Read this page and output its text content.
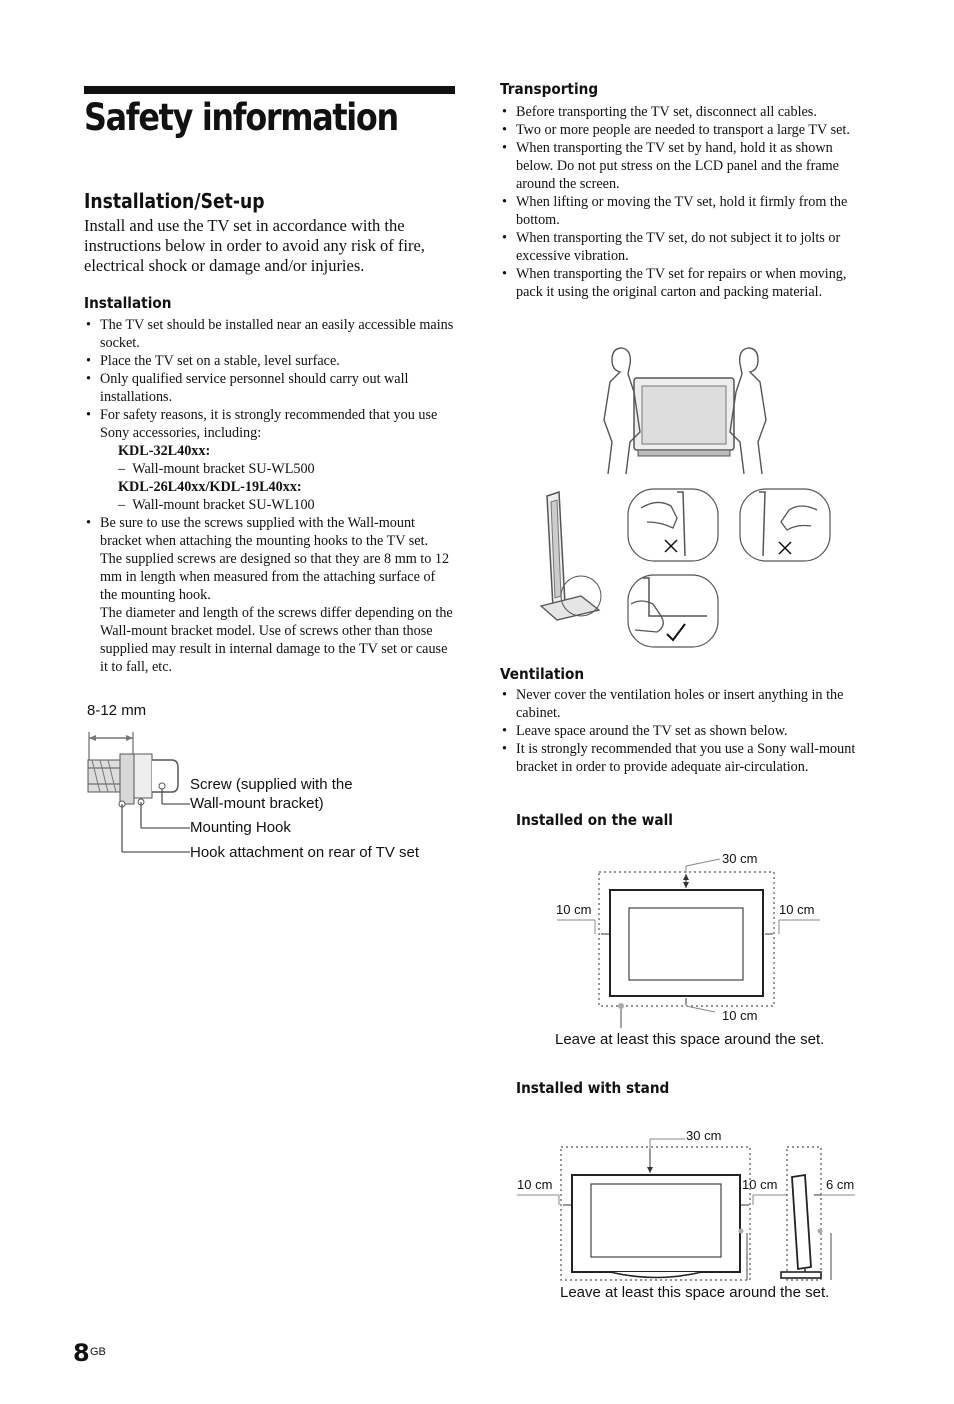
Safety information
Installation/Set-up
Install and use the TV set in accordance with the instructions below in order to avoid any risk of fire, electrical shock or damage and/or injuries.
Installation
• The TV set should be installed near an easily accessible mains socket.
• Place the TV set on a stable, level surface.
• Only qualified service personnel should carry out wall installations.
• For safety reasons, it is strongly recommended that you use Sony accessories, including:
KDL-32L40xx:
–  Wall-mount bracket SU-WL500
KDL-26L40xx/KDL-19L40xx:
–  Wall-mount bracket SU-WL100
• Be sure to use the screws supplied with the Wall-mount bracket when attaching the mounting hooks to the TV set.
The supplied screws are designed so that they are 8 mm to 12 mm in length when measured from the attaching surface of the mounting hook.
The diameter and length of the screws differ depending on the Wall-mount bracket model. Use of screws other than those supplied may result in internal damage to the TV set or cause it to fall, etc.
8-12 mm
Screw (supplied with the
Wall-mount bracket)
Mounting Hook
Hook attachment on rear of TV set
Transporting
• Before transporting the TV set, disconnect all cables.
• Two or more people are needed to transport a large TV set.
• When transporting the TV set by hand, hold it as shown below. Do not put stress on the LCD panel and the frame around the screen.
• When lifting or moving the TV set, hold it firmly from the bottom.
• When transporting the TV set, do not subject it to jolts or excessive vibration.
• When transporting the TV set for repairs or when moving, pack it using the original carton and packing material.
Ventilation
• Never cover the ventilation holes or insert anything in the cabinet.
• Leave space around the TV set as shown below.
• It is strongly recommended that you use a Sony wall-mount bracket in order to provide adequate air-circulation.
Installed on the wall
30 cm
10 cm	10 cm
10 cm
Leave at least this space around the set.
Installed with stand
30 cm
10 cm	10 cm	6 cm
Leave at least this space around the set.
8 GB
